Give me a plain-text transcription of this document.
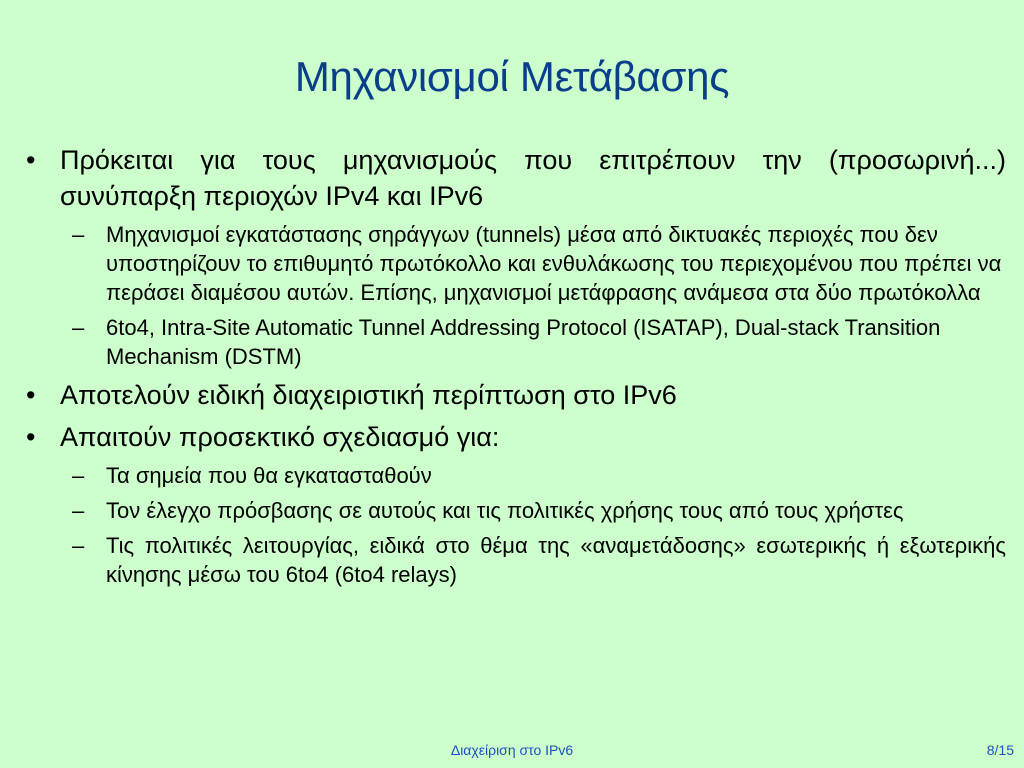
Μηχανισμοί Μετάβασης
• Πρόκειται για τους μηχανισμούς που επιτρέπουν την (προσωρινή...) συνύπαρξη περιοχών IPv4 και IPv6
– Μηχανισμοί εγκατάστασης σηράγγων (tunnels) μέσα από δικτυακές περιοχές που δεν υποστηρίζουν το επιθυμητό πρωτόκολλο και ενθυλάκωσης του περιεχομένου που πρέπει να περάσει διαμέσου αυτών. Επίσης, μηχανισμοί μετάφρασης ανάμεσα στα δύο πρωτόκολλα
– 6to4, Intra-Site Automatic Tunnel Addressing Protocol (ISATAP), Dual-stack Transition Mechanism (DSTM)
• Αποτελούν ειδική διαχειριστική περίπτωση στο IPv6
• Απαιτούν προσεκτικό σχεδιασμό για:
– Τα σημεία που θα εγκατασταθούν
– Τον έλεγχο πρόσβασης σε αυτούς και τις πολιτικές χρήσης τους από τους χρήστες
– Τις πολιτικές λειτουργίας, ειδικά στο θέμα της «αναμετάδοσης» εσωτερικής ή εξωτερικής κίνησης μέσω του 6to4 (6to4 relays)
Διαχείριση στο IPv6	8/15
